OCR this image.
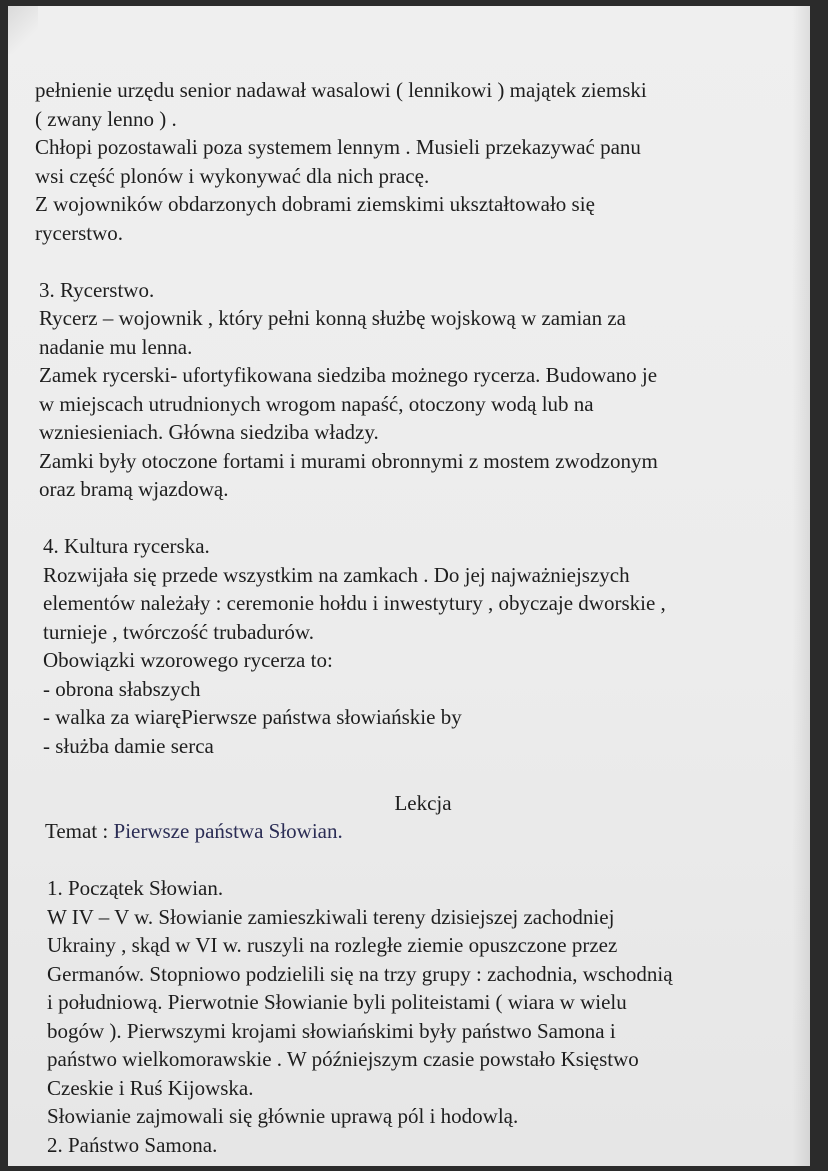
pełnienie urzędu senior nadawał wasalowi ( lennikowi ) majątek ziemski
( zwany lenno ) .
Chłopi pozostawali poza systemem lennym . Musieli przekazywać panu
wsi część plonów i wykonywać dla nich pracę.
Z wojowników obdarzonych dobrami ziemskimi ukształtowało się
rycerstwo.
3. Rycerstwo.
Rycerz – wojownik , który pełni konną służbę wojskową w zamian za
nadanie mu lenna.
Zamek rycerski- ufortyfikowana siedziba możnego rycerza. Budowano je
w miejscach utrudnionych wrogom napaść, otoczony wodą lub na
wzniesieniach. Główna siedziba władzy.
Zamki były otoczone fortami i murami obronnymi z mostem zwodzonym
oraz bramą wjazdową.
4. Kultura rycerska.
Rozwijała się przede wszystkim na zamkach . Do jej najważniejszych
elementów należały : ceremonie hołdu i inwestytury , obyczaje dworskie ,
turnieje , twórczość trubadurów.
Obowiązki wzorowego rycerza to:
- obrona słabszych
- walka za wiaręPierwsze państwa słowiańskie by
- służba damie serca
Lekcja
Temat : Pierwsze państwa Słowian.
1. Początek Słowian.
W IV – V w. Słowianie zamieszkiwali tereny dzisiejszej zachodniej
Ukrainy , skąd w VI w. ruszyli na rozległe ziemie opuszczone przez
Germanów. Stopniowo podzielili się na trzy grupy : zachodnia, wschodnią
i południową. Pierwotnie Słowianie byli politeistami ( wiara w wielu
bogów ). Pierwszymi krojami słowiańskimi były państwo Samona i
państwo wielkomorawskie . W późniejszym czasie powstało Księstwo
Czeskie i Ruś Kijowska.
Słowianie zajmowali się głównie uprawą pól i hodowlą.
2. Państwo Samona.
